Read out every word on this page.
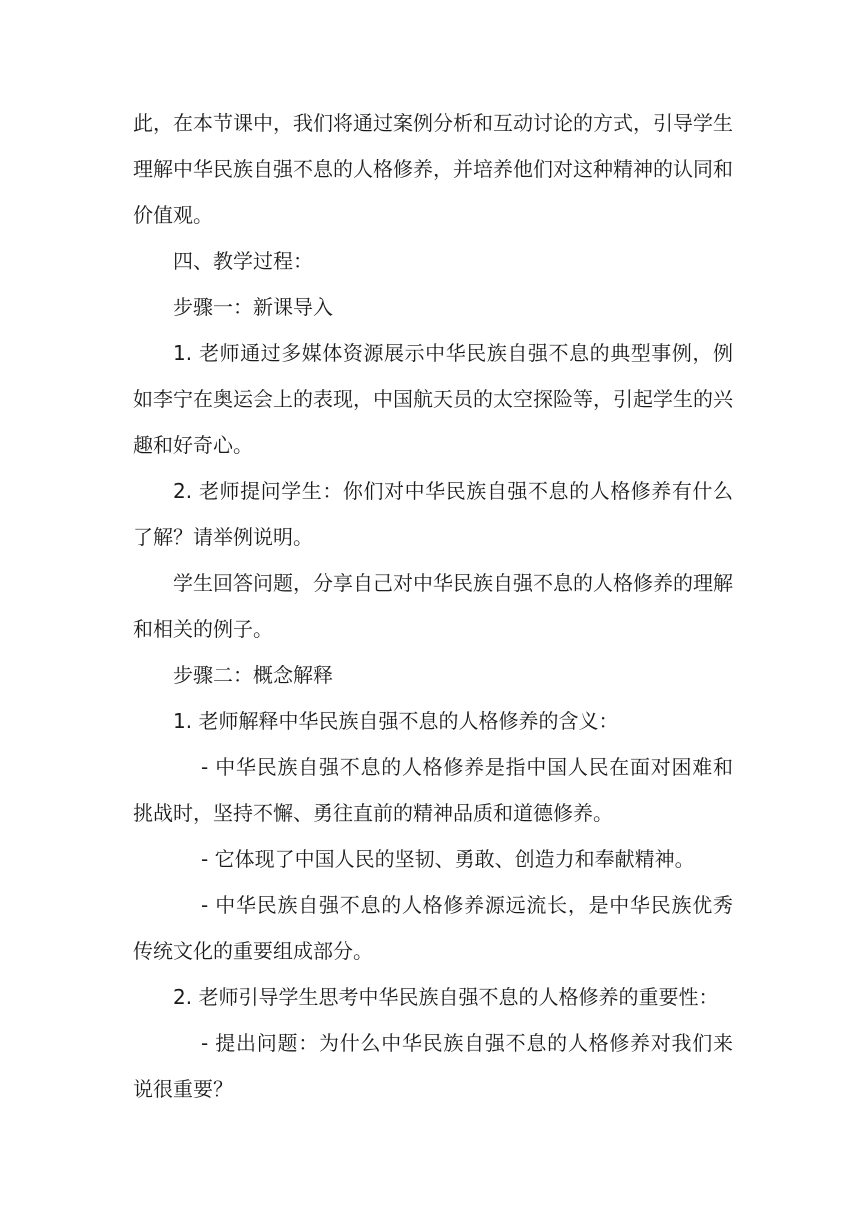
此，在本节课中，我们将通过案例分析和互动讨论的方式，引导学生理解中华民族自强不息的人格修养，并培养他们对这种精神的认同和价值观。

四、教学过程：

步骤一：新课导入

1. 老师通过多媒体资源展示中华民族自强不息的典型事例，例如李宁在奥运会上的表现，中国航天员的太空探险等，引起学生的兴趣和好奇心。

2. 老师提问学生：你们对中华民族自强不息的人格修养有什么了解？请举例说明。

学生回答问题，分享自己对中华民族自强不息的人格修养的理解和相关的例子。

步骤二：概念解释

1. 老师解释中华民族自强不息的人格修养的含义：

- 中华民族自强不息的人格修养是指中国人民在面对困难和挑战时，坚持不懈、勇往直前的精神品质和道德修养。

- 它体现了中国人民的坚韧、勇敢、创造力和奉献精神。

- 中华民族自强不息的人格修养源远流长，是中华民族优秀传统文化的重要组成部分。

2. 老师引导学生思考中华民族自强不息的人格修养的重要性：

- 提出问题：为什么中华民族自强不息的人格修养对我们来说很重要？
